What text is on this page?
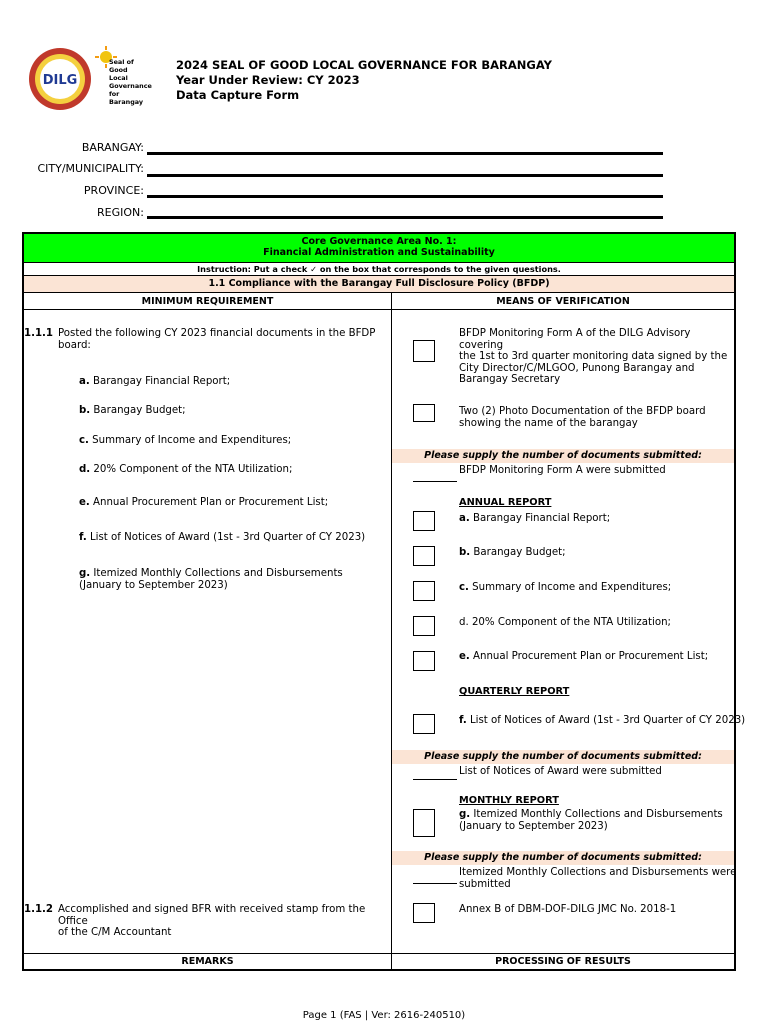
DILG
Seal of
Good
Local
Governance for
Barangay
2024 SEAL OF GOOD LOCAL GOVERNANCE FOR BARANGAY
Year Under Review: CY 2023
Data Capture Form
BARANGAY:
CITY/MUNICIPALITY:
PROVINCE:
REGION:
Core Governance Area No. 1:
Financial Administration and Sustainability
Instruction: Put a check ✓ on the box that corresponds to the given questions.
1.1 Compliance with the Barangay Full Disclosure Policy (BFDP)
MINIMUM REQUIREMENT	MEANS OF VERIFICATION
1.1.1 Posted the following CY 2023 financial documents in the BFDP board:
a. Barangay Financial Report;
b. Barangay Budget;
c. Summary of Income and Expenditures;
d. 20% Component of the NTA Utilization;
e. Annual Procurement Plan or Procurement List;
f. List of Notices of Award (1st - 3rd Quarter of CY 2023)
g. Itemized Monthly Collections and Disbursements
(January to September 2023)
1.1.2 Accomplished and signed BFR with received stamp from the Office
of the C/M Accountant
BFDP Monitoring Form A of the DILG Advisory covering
the 1st to 3rd quarter monitoring data signed by the
City Director/C/MLGOO, Punong Barangay and
Barangay Secretary
Two (2) Photo Documentation of the BFDP board
showing the name of the barangay
Please supply the number of documents submitted:
BFDP Monitoring Form A were submitted
ANNUAL REPORT
a. Barangay Financial Report;
b. Barangay Budget;
c. Summary of Income and Expenditures;
d. 20% Component of the NTA Utilization;
e. Annual Procurement Plan or Procurement List;
QUARTERLY REPORT
f. List of Notices of Award (1st - 3rd Quarter of CY 2023)
Please supply the number of documents submitted:
List of Notices of Award were submitted
MONTHLY REPORT
g. Itemized Monthly Collections and Disbursements
(January to September 2023)
Please supply the number of documents submitted:
Itemized Monthly Collections and Disbursements were
submitted
Annex B of DBM-DOF-DILG JMC No. 2018-1
REMARKS	PROCESSING OF RESULTS
Page 1 (FAS | Ver: 2616-240510)
